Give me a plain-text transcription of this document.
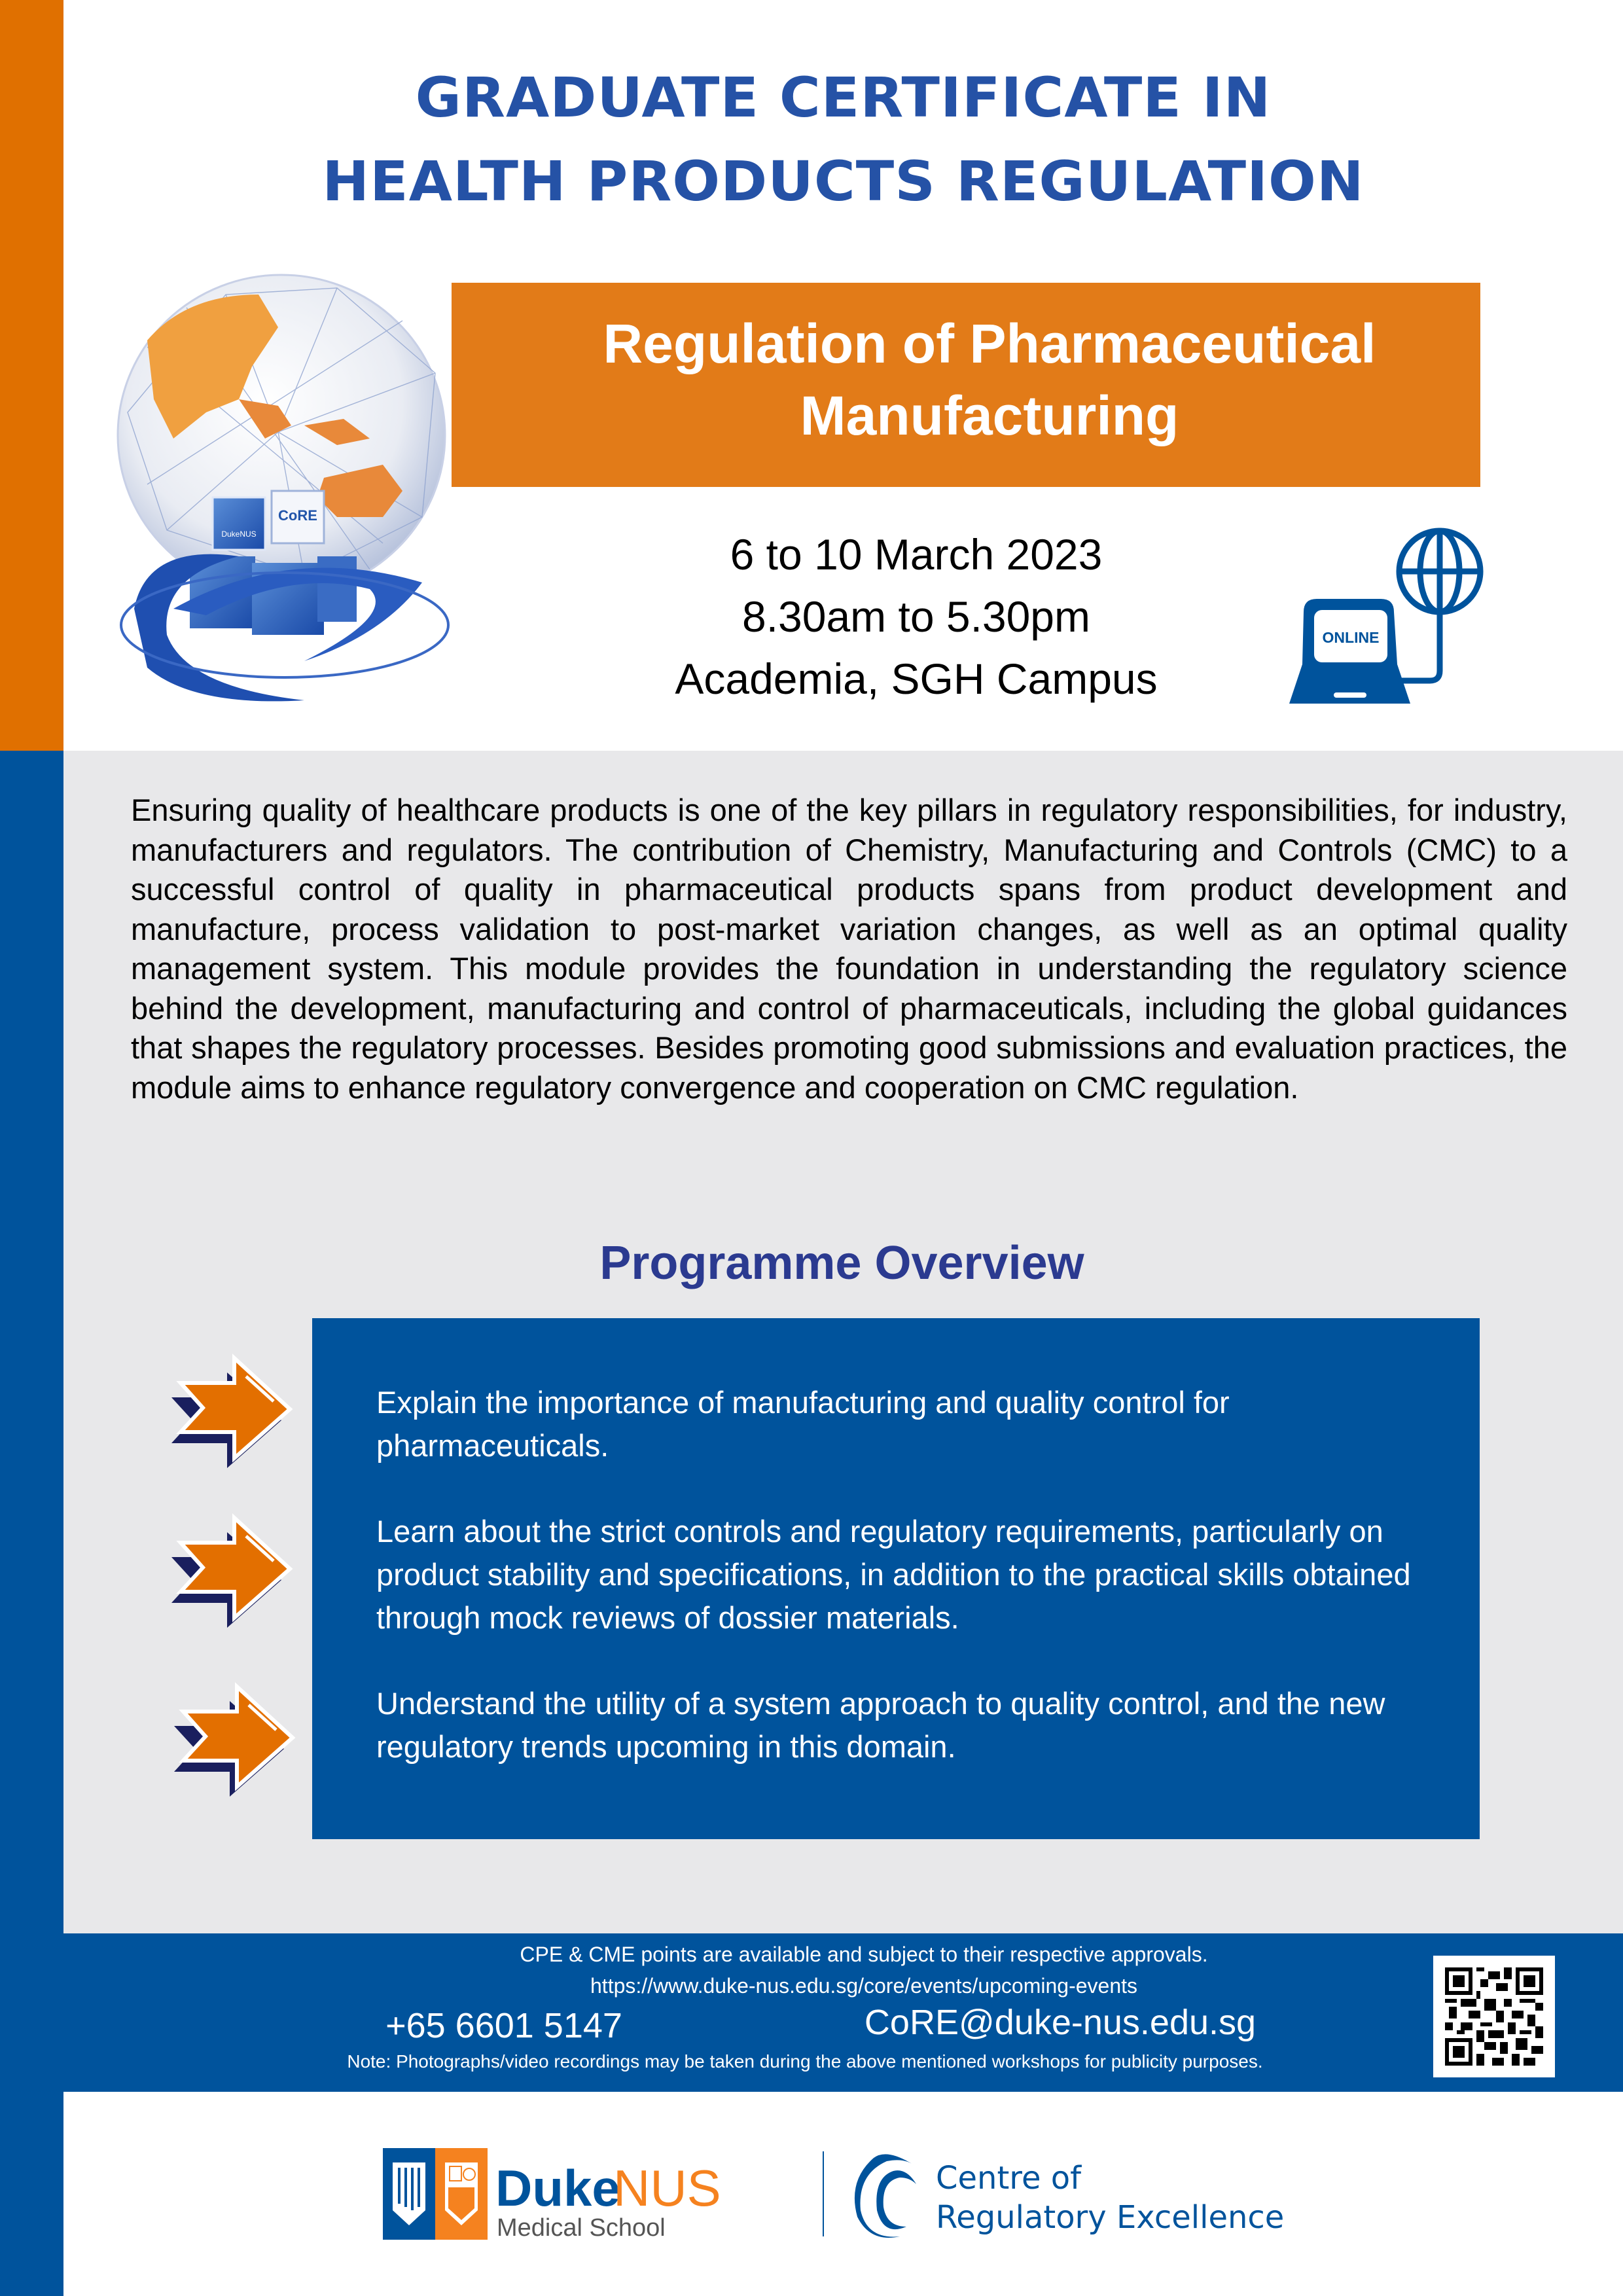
GRADUATE CERTIFICATE IN
HEALTH PRODUCTS REGULATION
Regulation of Pharmaceutical
Manufacturing
DukeNUS
CoRE
6 to 10 March 2023
8.30am to 5.30pm
Academia, SGH Campus
ONLINE
Ensuring quality of healthcare products is one of the key pillars in regulatory responsibilities, for industry, manufacturers and regulators. The contribution of Chemistry, Manufacturing and Controls (CMC) to a successful control of quality in pharmaceutical products spans from product development and manufacture, process validation to post-market variation changes, as well as an optimal quality management system. This module provides the foundation in understanding the regulatory science behind the development, manufacturing and control of pharmaceuticals, including the global guidances that shapes the regulatory processes. Besides promoting good submissions and evaluation practices, the module aims to enhance regulatory convergence and cooperation on CMC regulation.
Programme Overview
Explain the importance of manufacturing and quality control for pharmaceuticals.
Learn about the strict controls and regulatory requirements, particularly on product stability and specifications, in addition to the practical skills obtained through mock reviews of dossier materials.
Understand the utility of a system approach to quality control, and the new regulatory trends upcoming in this domain.
CPE & CME points are available and subject to their respective approvals.
https://www.duke-nus.edu.sg/core/events/upcoming-events
+65 6601 5147	CoRE@duke-nus.edu.sg
Note: Photographs/video recordings may be taken during the above mentioned workshops for publicity purposes.
Duke
NUS
Medical School
Centre of
Regulatory Excellence
